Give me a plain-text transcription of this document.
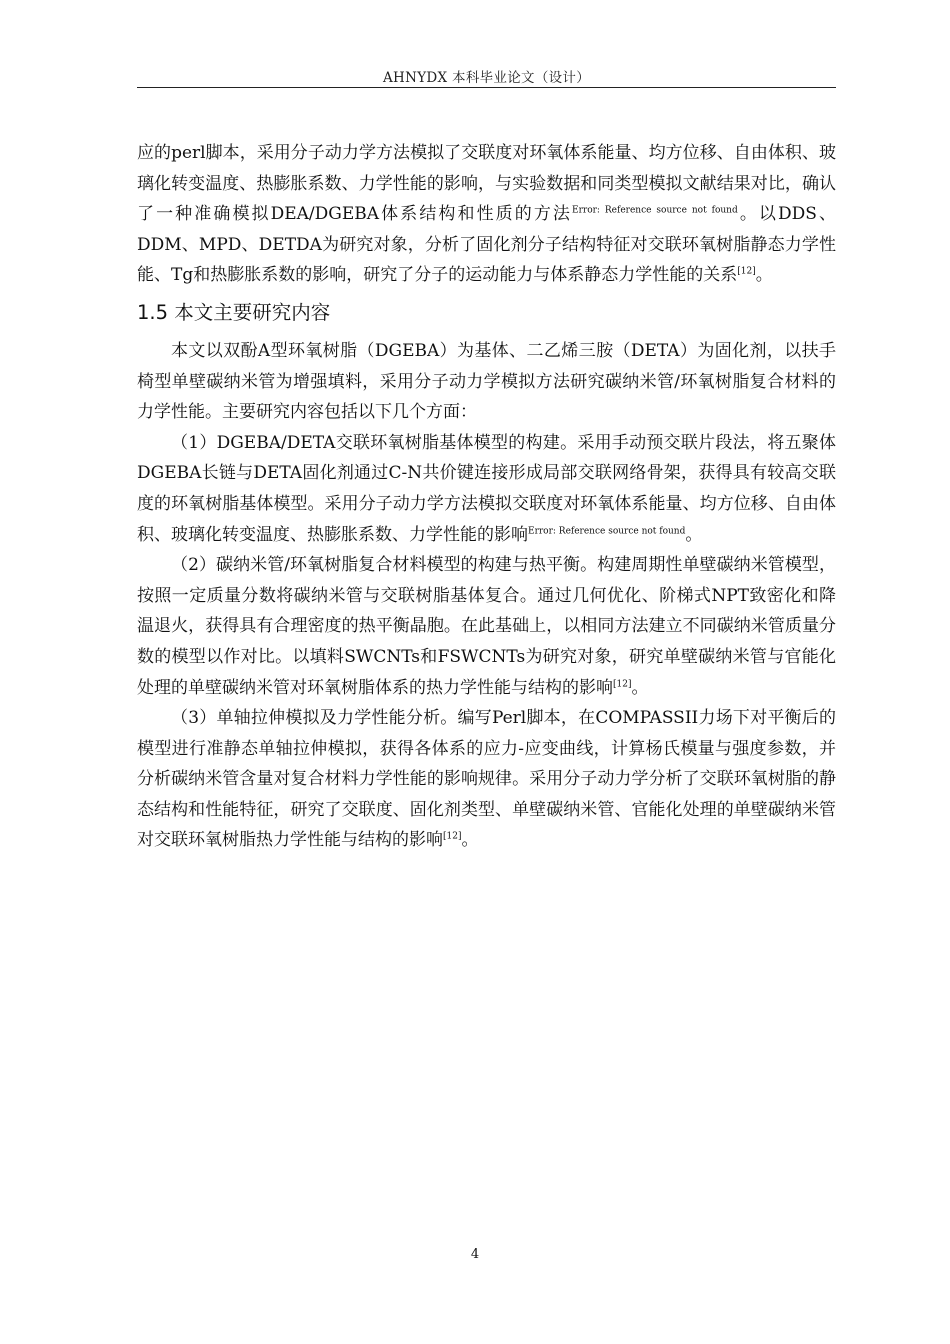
AHNYDX 本科毕业论文（设计）

应的perl脚本，采用分子动力学方法模拟了交联度对环氧体系能量、均方位移、自由体积、玻璃化转变温度、热膨胀系数、力学性能的影响，与实验数据和同类型模拟文献结果对比，确认了一种准确模拟DEA/DGEBA体系结构和性质的方法$^{Error: Reference source not found}$。以DDS、DDM、MPD、DETDA为研究对象，分析了固化剂分子结构特征对交联环氧树脂静态力学性能、Tg和热膨胀系数的影响，研究了分子的运动能力与体系静态力学性能的关系[12]。

1.5 本文主要研究内容

本文以双酚A型环氧树脂（DGEBA）为基体、二乙烯三胺（DETA）为固化剂，以扶手椅型单壁碳纳米管为增强填料，采用分子动力学模拟方法研究碳纳米管/环氧树脂复合材料的力学性能。主要研究内容包括以下几个方面：

（1）DGEBA/DETA交联环氧树脂基体模型的构建。采用手动预交联片段法，将五聚体DGEBA长链与DETA固化剂通过C-N共价键连接形成局部交联网络骨架，获得具有较高交联度的环氧树脂基体模型。采用分子动力学方法模拟交联度对环氧体系能量、均方位移、自由体积、玻璃化转变温度、热膨胀系数、力学性能的影响$^{Error: Reference source not found}$。

（2）碳纳米管/环氧树脂复合材料模型的构建与热平衡。构建周期性单壁碳纳米管模型，按照一定质量分数将碳纳米管与交联树脂基体复合。通过几何优化、阶梯式NPT致密化和降温退火，获得具有合理密度的热平衡晶胞。在此基础上，以相同方法建立不同碳纳米管质量分数的模型以作对比。以填料SWCNTs和FSWCNTs为研究对象，研究单壁碳纳米管与官能化处理的单壁碳纳米管对环氧树脂体系的热力学性能与结构的影响[12]。

（3）单轴拉伸模拟及力学性能分析。编写Perl脚本，在COMPASSII力场下对平衡后的模型进行准静态单轴拉伸模拟，获得各体系的应力-应变曲线，计算杨氏模量与强度参数，并分析碳纳米管含量对复合材料力学性能的影响规律。采用分子动力学分析了交联环氧树脂的静态结构和性能特征，研究了交联度、固化剂类型、单壁碳纳米管、官能化处理的单壁碳纳米管对交联环氧树脂热力学性能与结构的影响[12]。

4
